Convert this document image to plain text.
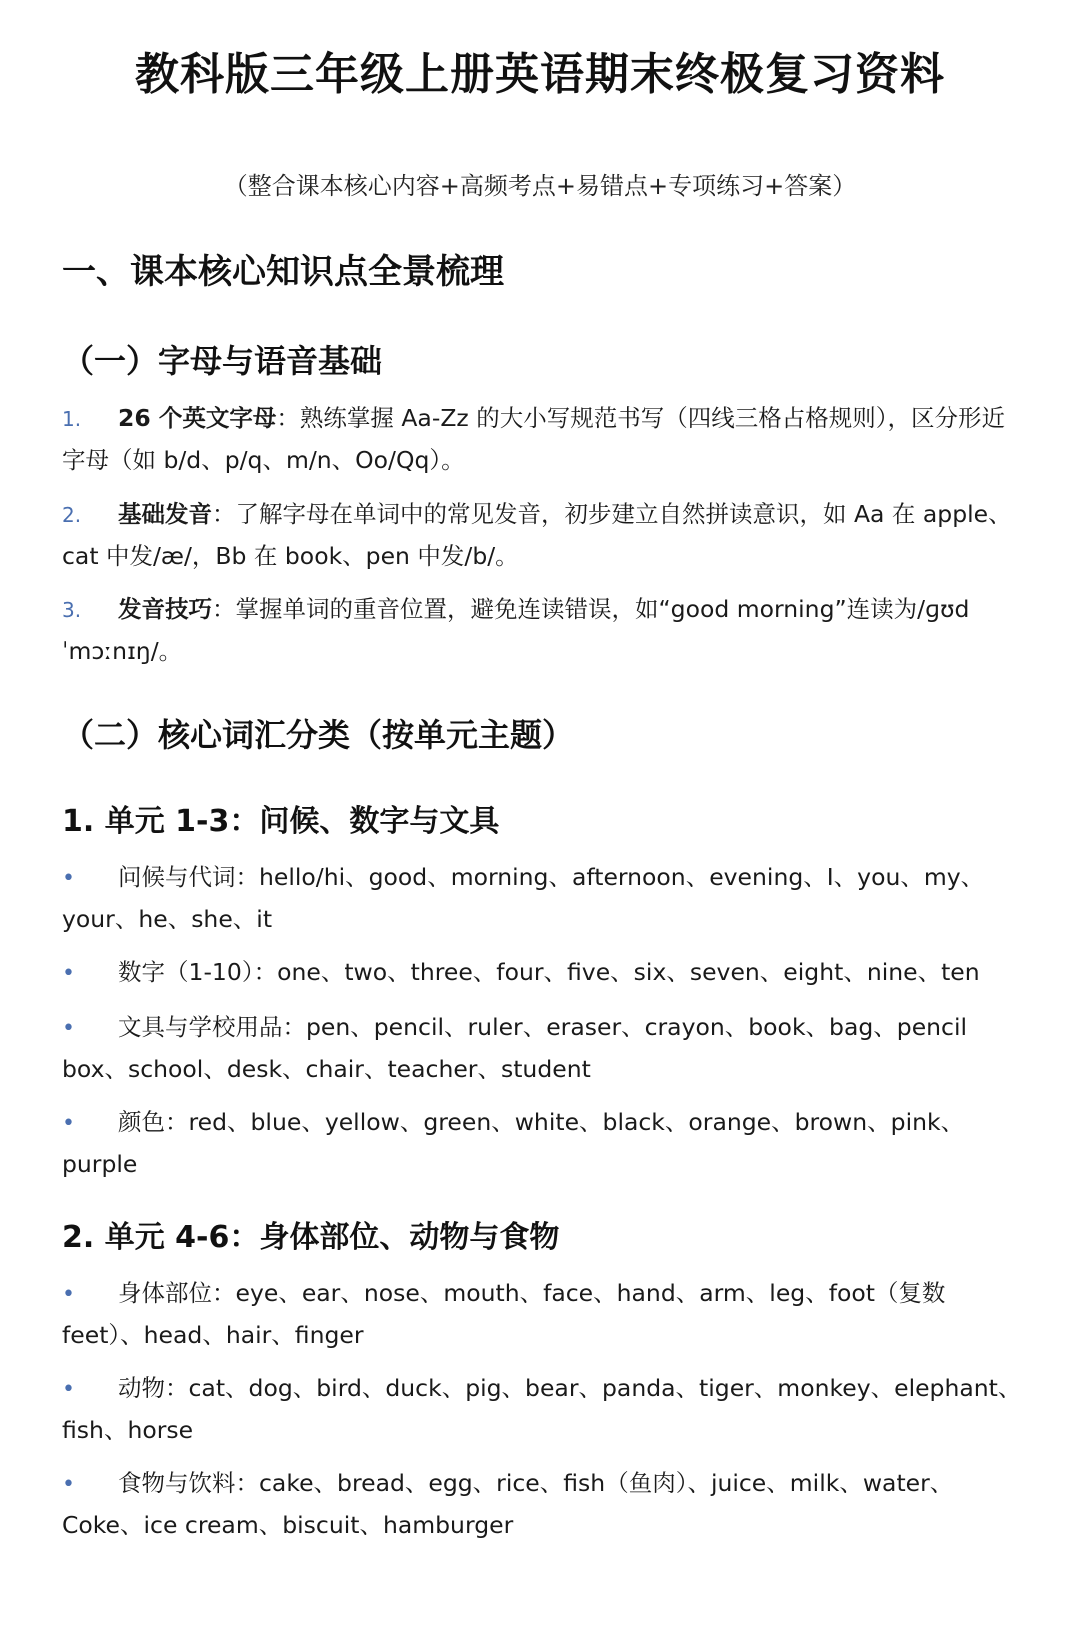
教科版三年级上册英语期末终极复习资料
（整合课本核心内容+高频考点+易错点+专项练习+答案）
一、课本核心知识点全景梳理
（一）字母与语音基础
1. 26 个英文字母：熟练掌握 Aa-Zz 的大小写规范书写（四线三格占格规则），区分形近字母（如 b/d、p/q、m/n、Oo/Qq）。
2. 基础发音：了解字母在单词中的常见发音，初步建立自然拼读意识，如 Aa 在 apple、cat 中发/æ/，Bb 在 book、pen 中发/b/。
3. 发音技巧：掌握单词的重音位置，避免连读错误，如“good morning”连读为/ɡʊd ˈmɔːnɪŋ/。
（二）核心词汇分类（按单元主题）
1. 单元 1-3：问候、数字与文具
• 问候与代词：hello/hi、good、morning、afternoon、evening、I、you、my、your、he、she、it
• 数字（1-10）：one、two、three、four、five、six、seven、eight、nine、ten
• 文具与学校用品：pen、pencil、ruler、eraser、crayon、book、bag、pencil box、school、desk、chair、teacher、student
• 颜色：red、blue、yellow、green、white、black、orange、brown、pink、purple
2. 单元 4-6：身体部位、动物与食物
• 身体部位：eye、ear、nose、mouth、face、hand、arm、leg、foot（复数 feet）、head、hair、finger
• 动物：cat、dog、bird、duck、pig、bear、panda、tiger、monkey、elephant、fish、horse
• 食物与饮料：cake、bread、egg、rice、fish（鱼肉）、juice、milk、water、Coke、ice cream、biscuit、hamburger
